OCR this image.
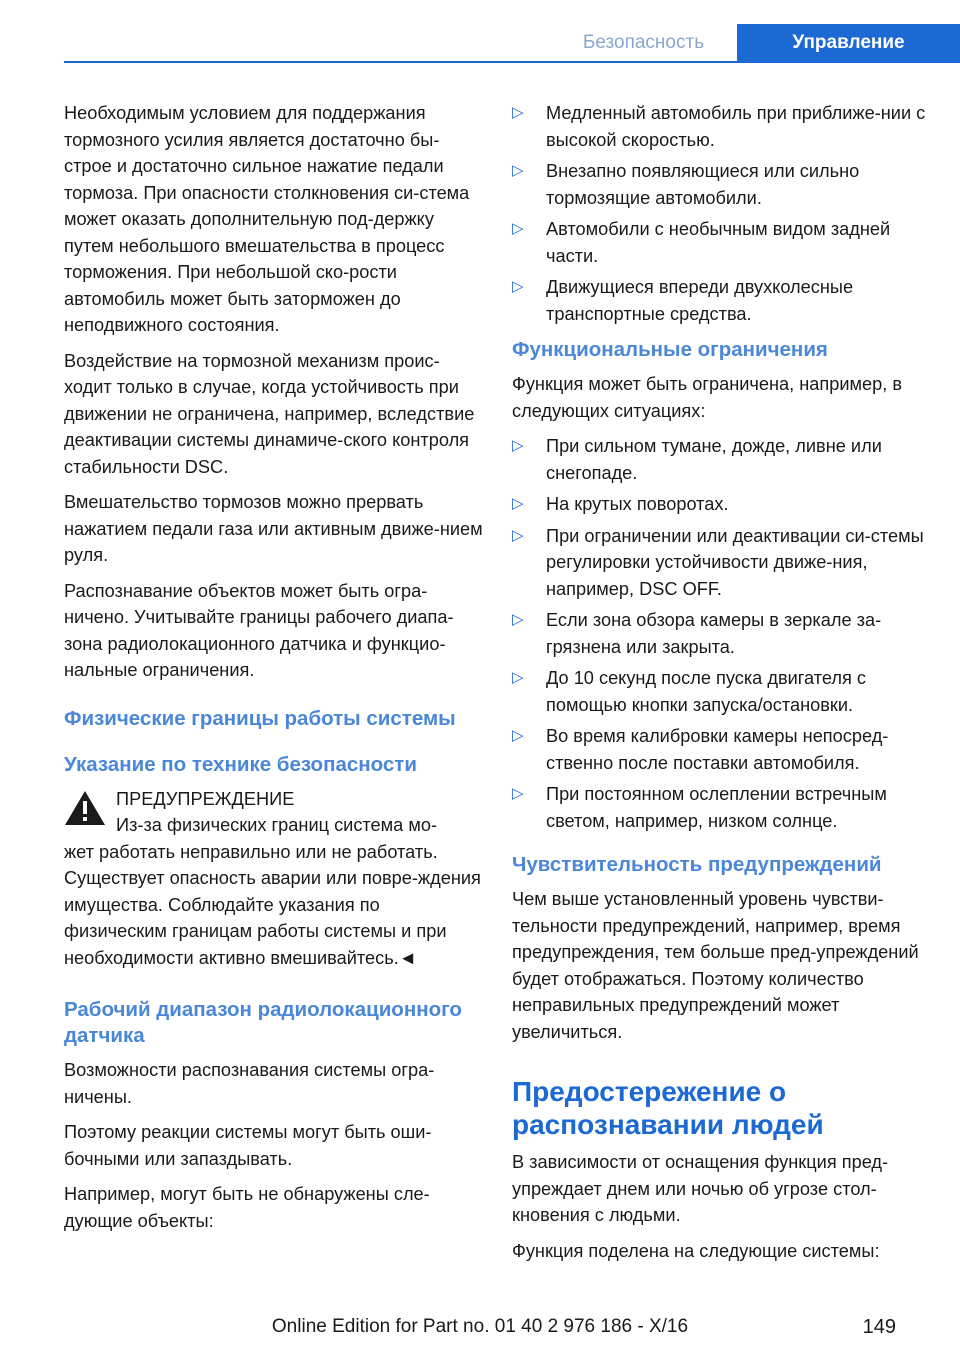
Безопасность	Управление

Необходимым условием для поддержания тормозного усилия является достаточно бы‐строе и достаточно сильное нажатие педали тормоза. При опасности столкновения си‐стема может оказать дополнительную под‐держку путем небольшого вмешательства в процесс торможения. При небольшой ско‐рости автомобиль может быть заторможен до неподвижного состояния.

Воздействие на тормозной механизм проис‐ходит только в случае, когда устойчивость при движении не ограничена, например, вследствие деактивации системы динамиче‐ского контроля стабильности DSC.

Вмешательство тормозов можно прервать нажатием педали газа или активным движе‐нием руля.

Распознавание объектов может быть огра‐ничено. Учитывайте границы рабочего диапа‐зона радиолокационного датчика и функцио‐нальные ограничения.

Физические границы работы системы
Указание по технике безопасности
ПРЕДУПРЕЖДЕНИЕ
Из-за физических границ система мо‐

жет работать неправильно или не работать. Существует опасность аварии или повре‐ждения имущества. Соблюдайте указания по физическим границам работы системы и при необходимости активно вмешивайтесь.◄

Рабочий диапазон радиолокационного датчика

Возможности распознавания системы огра‐ничены.

Поэтому реакции системы могут быть оши‐бочными или запаздывать.

Например, могут быть не обнаружены сле‐дующие объекты:

▷ Медленный автомобиль при приближе‐нии с высокой скоростью.
▷ Внезапно появляющиеся или сильно тормозящие автомобили.
▷ Автомобили с необычным видом задней части.
▷ Движущиеся впереди двухколесные транспортные средства.
Функциональные ограничения

Функция может быть ограничена, например, в следующих ситуациях:

▷ При сильном тумане, дожде, ливне или снегопаде.
▷ На крутых поворотах.
▷ При ограничении или деактивации си‐стемы регулировки устойчивости движе‐ния, например, DSC OFF.
▷ Если зона обзора камеры в зеркале за‐грязнена или закрыта.
▷ До 10 секунд после пуска двигателя с помощью кнопки запуска/остановки.
▷ Во время калибровки камеры непосред‐ственно после поставки автомобиля.
▷ При постоянном ослеплении встречным светом, например, низком солнце.
Чувствительность предупреждений

Чем выше установленный уровень чувстви‐тельности предупреждений, например, время предупреждения, тем больше пред‐упреждений будет отображаться. Поэтому количество неправильных предупреждений может увеличиться.

Предостережение о распознавании людей

В зависимости от оснащения функция пред‐упреждает днем или ночью об угрозе стол‐кновения с людьми.

Функция поделена на следующие системы:

Online Edition for Part no. 01 40 2 976 186 - X/16	149
